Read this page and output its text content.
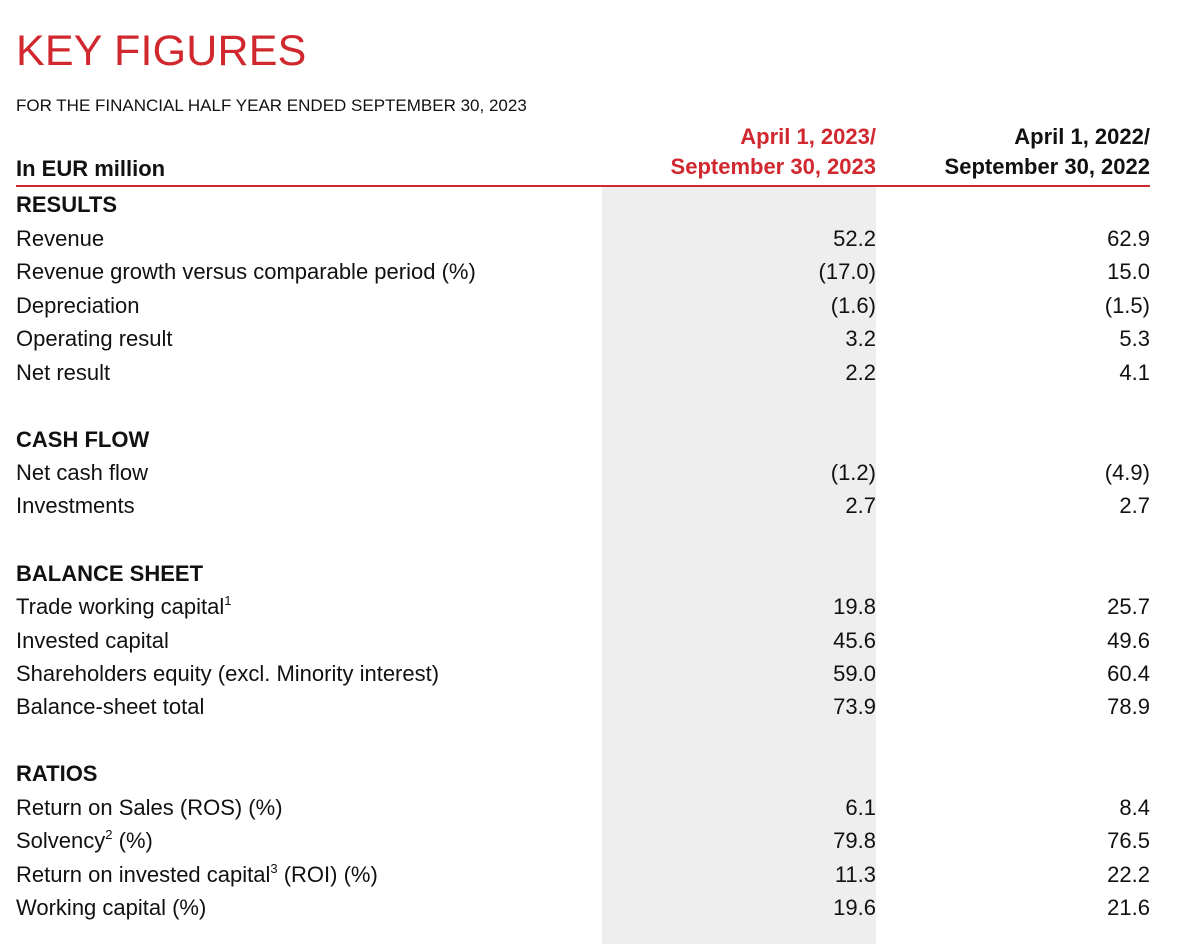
KEY FIGURES
FOR THE FINANCIAL HALF YEAR ENDED SEPTEMBER 30, 2023
April 1, 2023/
September 30, 2023
April 1, 2022/
September 30, 2022
In EUR million
RESULTS
Revenue	52.2	62.9
Revenue growth versus comparable period (%)	(17.0)	15.0
Depreciation	(1.6)	(1.5)
Operating result	3.2	5.3
Net result	2.2	4.1
CASH FLOW
Net cash flow	(1.2)	(4.9)
Investments	2.7	2.7
BALANCE SHEET
Trade working capital$^1$	19.8	25.7
Invested capital	45.6	49.6
Shareholders equity (excl. Minority interest)	59.0	60.4
Balance-sheet total	73.9	78.9
RATIOS
Return on Sales (ROS) (%)	6.1	8.4
Solvency$^2$ (%)	79.8	76.5
Return on invested capital$^3$ (ROI) (%)	11.3	22.2
Working capital (%)	19.6	21.6
